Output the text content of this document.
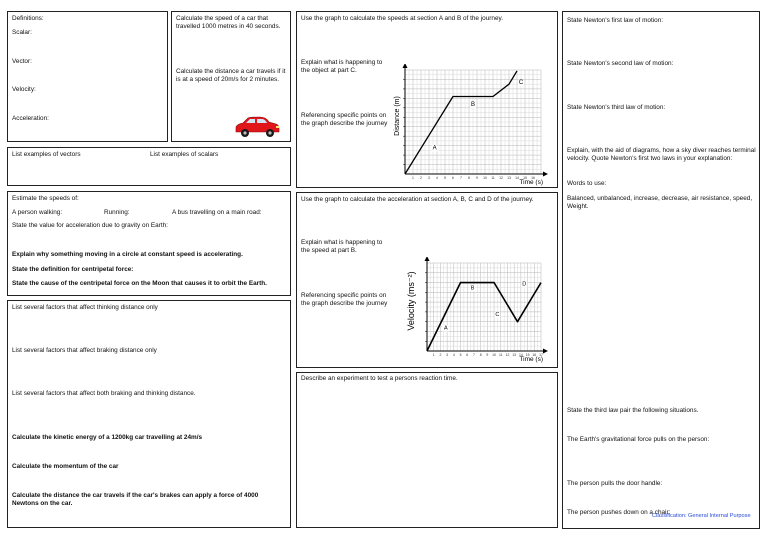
Definitions:
Scalar:
Vector:
Velocity:
Acceleration:
Calculate the speed of a car that travelled 1000 metres in 40 seconds.
Calculate the distance a car travels if it is at a speed of 20m/s for 2 minutes.
List examples of vectors	List examples of scalars
Estimate the speeds of:
A person walking:	Running:	A bus travelling on a main road:
State the value for acceleration due to gravity on Earth:
Explain why something moving in a circle at constant speed is accelerating.
State the definition for centripetal force:
State the cause of the centripetal force on the Moon that causes it to orbit the Earth.
List several factors that affect thinking distance only
List several factors that affect braking distance only
List several factors that affect both braking and thinking distance.
Calculate the kinetic energy of a 1200kg car travelling at 24m/s
Calculate the momentum of the car
Calculate the distance the car travels if the car's brakes can apply a force of 4000 Newtons on the car.
Use the graph to calculate the speeds at section A and B of the journey.
Explain what is happening to the object at part C.
Referencing specific points on the graph describe the journey
1 2 3 4 5 6 7 8 9 10 11 12 13 14 15 16
A
B
C
Time (s)
Distance (m)
Use the graph to calculate the acceleration at section A, B, C and D of the journey.
Explain what is happening to the speed at part B.
Referencing specific points on the graph describe the journey
1 2 3 4 5 6 7 8 9 10 11 12 13 14 15 16 17
A
B
C
D
Time (s)
Velocity (ms⁻²)
Describe an experiment to test a persons reaction time.
State Newton's first law of motion:
State Newton's second law of motion:
State Newton's third law of motion:
Explain, with the aid of diagrams, how a sky diver reaches terminal velocity. Quote Newton's first two laws in your explanation:
Words to use:
Balanced, unbalanced, increase, decrease, air resistance, speed, Weight.
State the third law pair the following situations.
The Earth's gravitational force pulls on the person:
The person pulls the door handle:
The person pushes down on a chair:
Classification: General Internal Purpose
